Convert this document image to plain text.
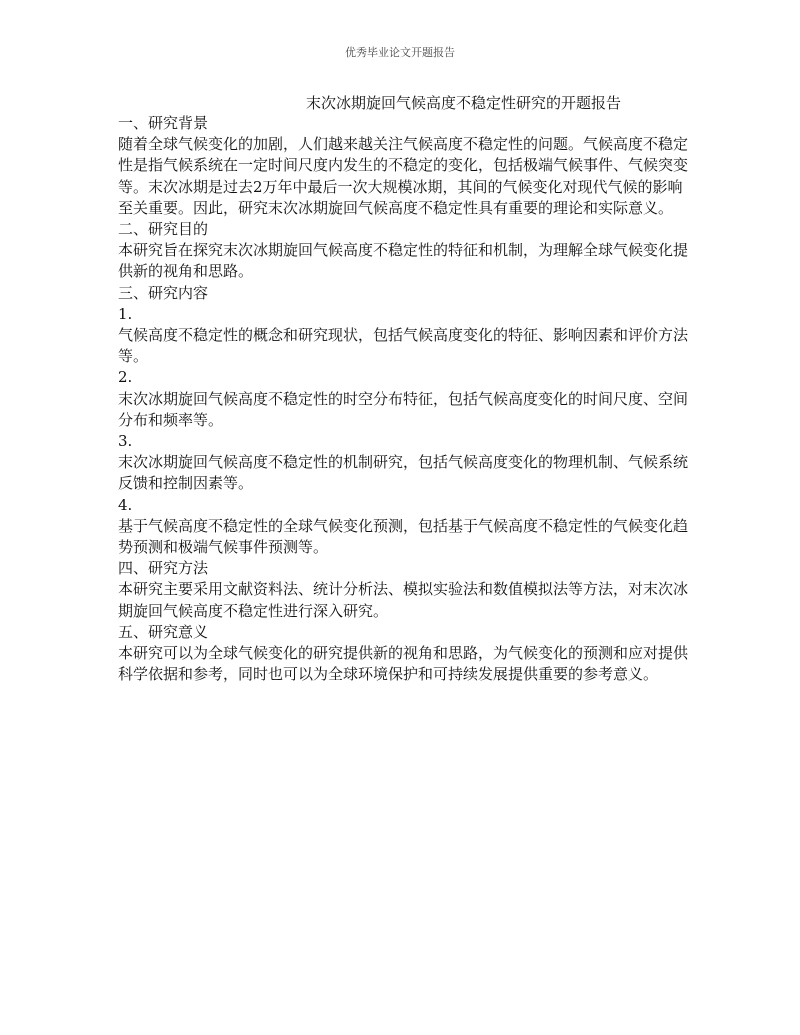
优秀毕业论文开题报告
末次冰期旋回气候高度不稳定性研究的开题报告

一、研究背景

随着全球气候变化的加剧，人们越来越关注气候高度不稳定性的问题。气候高度不稳定性是指气候系统在一定时间尺度内发生的不稳定的变化，包括极端气候事件、气候突变等。末次冰期是过去2万年中最后一次大规模冰期，其间的气候变化对现代气候的影响至关重要。因此，研究末次冰期旋回气候高度不稳定性具有重要的理论和实际意义。

二、研究目的

本研究旨在探究末次冰期旋回气候高度不稳定性的特征和机制，为理解全球气候变化提供新的视角和思路。

三、研究内容

1.

气候高度不稳定性的概念和研究现状，包括气候高度变化的特征、影响因素和评价方法等。

2.

末次冰期旋回气候高度不稳定性的时空分布特征，包括气候高度变化的时间尺度、空间分布和频率等。

3.

末次冰期旋回气候高度不稳定性的机制研究，包括气候高度变化的物理机制、气候系统反馈和控制因素等。

4.

基于气候高度不稳定性的全球气候变化预测，包括基于气候高度不稳定性的气候变化趋势预测和极端气候事件预测等。

四、研究方法

本研究主要采用文献资料法、统计分析法、模拟实验法和数值模拟法等方法，对末次冰期旋回气候高度不稳定性进行深入研究。

五、研究意义

本研究可以为全球气候变化的研究提供新的视角和思路，为气候变化的预测和应对提供科学依据和参考，同时也可以为全球环境保护和可持续发展提供重要的参考意义。
